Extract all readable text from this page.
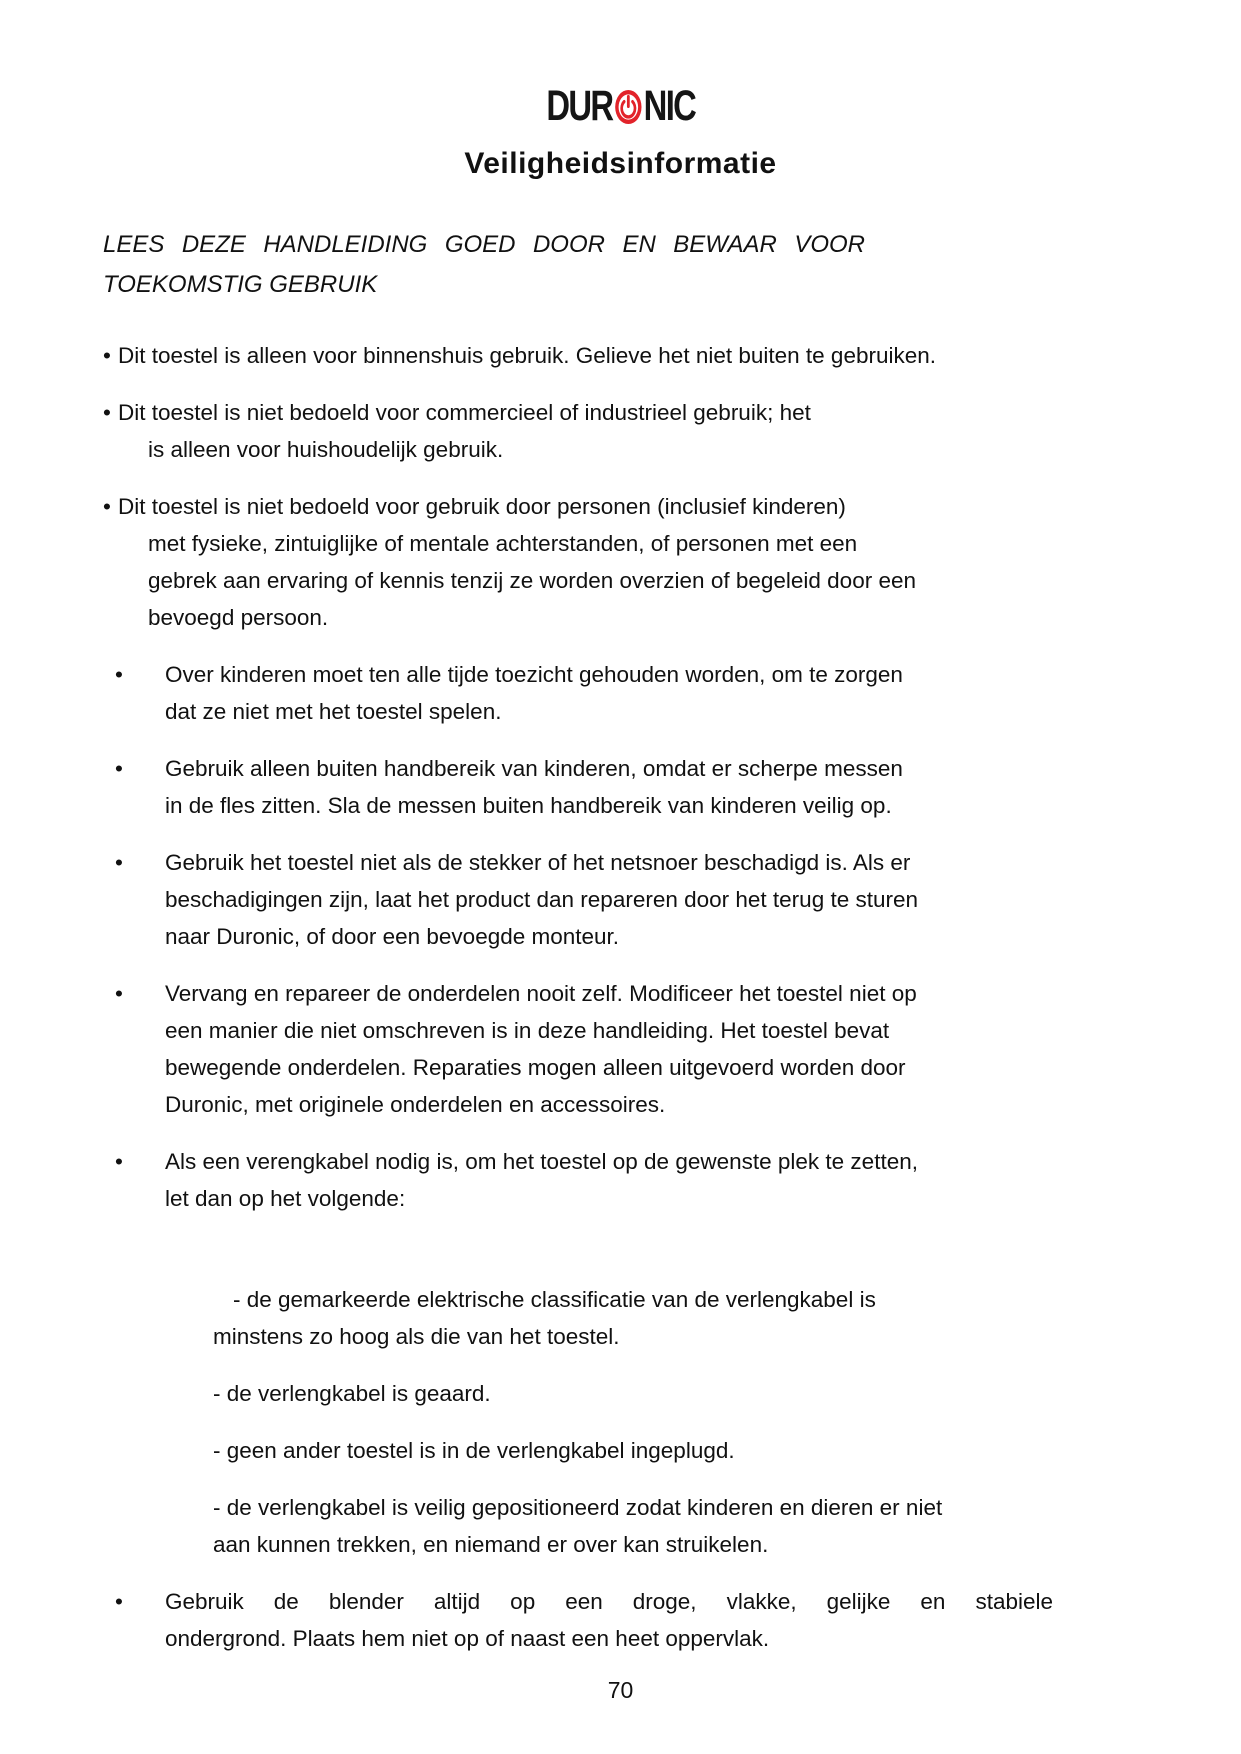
DUR NIC
Veiligheidsinformatie
LEES DEZE HANDLEIDING GOED DOOR EN BEWAAR VOOR
TOEKOMSTIG GEBRUIK
• Dit toestel is alleen voor binnenshuis gebruik. Gelieve het niet buiten te gebruiken.
• Dit toestel is niet bedoeld voor commercieel of industrieel gebruik; het
is alleen voor huishoudelijk gebruik.
• Dit toestel is niet bedoeld voor gebruik door personen (inclusief kinderen)
met fysieke, zintuiglijke of mentale achterstanden, of personen met een
gebrek aan ervaring of kennis tenzij ze worden overzien of begeleid door een
bevoegd persoon.
• Over kinderen moet ten alle tijde toezicht gehouden worden, om te zorgen
dat ze niet met het toestel spelen.
• Gebruik alleen buiten handbereik van kinderen, omdat er scherpe messen
in de fles zitten. Sla de messen buiten handbereik van kinderen veilig op.
• Gebruik het toestel niet als de stekker of het netsnoer beschadigd is. Als er
beschadigingen zijn, laat het product dan repareren door het terug te sturen
naar Duronic, of door een bevoegde monteur.
• Vervang en repareer de onderdelen nooit zelf. Modificeer het toestel niet op
een manier die niet omschreven is in deze handleiding. Het toestel bevat
bewegende onderdelen. Reparaties mogen alleen uitgevoerd worden door
Duronic, met originele onderdelen en accessoires.
• Als een verengkabel nodig is, om het toestel op de gewenste plek te zetten,
let dan op het volgende:
- de gemarkeerde elektrische classificatie van de verlengkabel is
minstens zo hoog als die van het toestel.
- de verlengkabel is geaard.
- geen ander toestel is in de verlengkabel ingeplugd.
- de verlengkabel is veilig gepositioneerd zodat kinderen en dieren er niet
aan kunnen trekken, en niemand er over kan struikelen.
• Gebruik de blender altijd op een droge, vlakke, gelijke en stabiele
ondergrond. Plaats hem niet op of naast een heet oppervlak.
70
